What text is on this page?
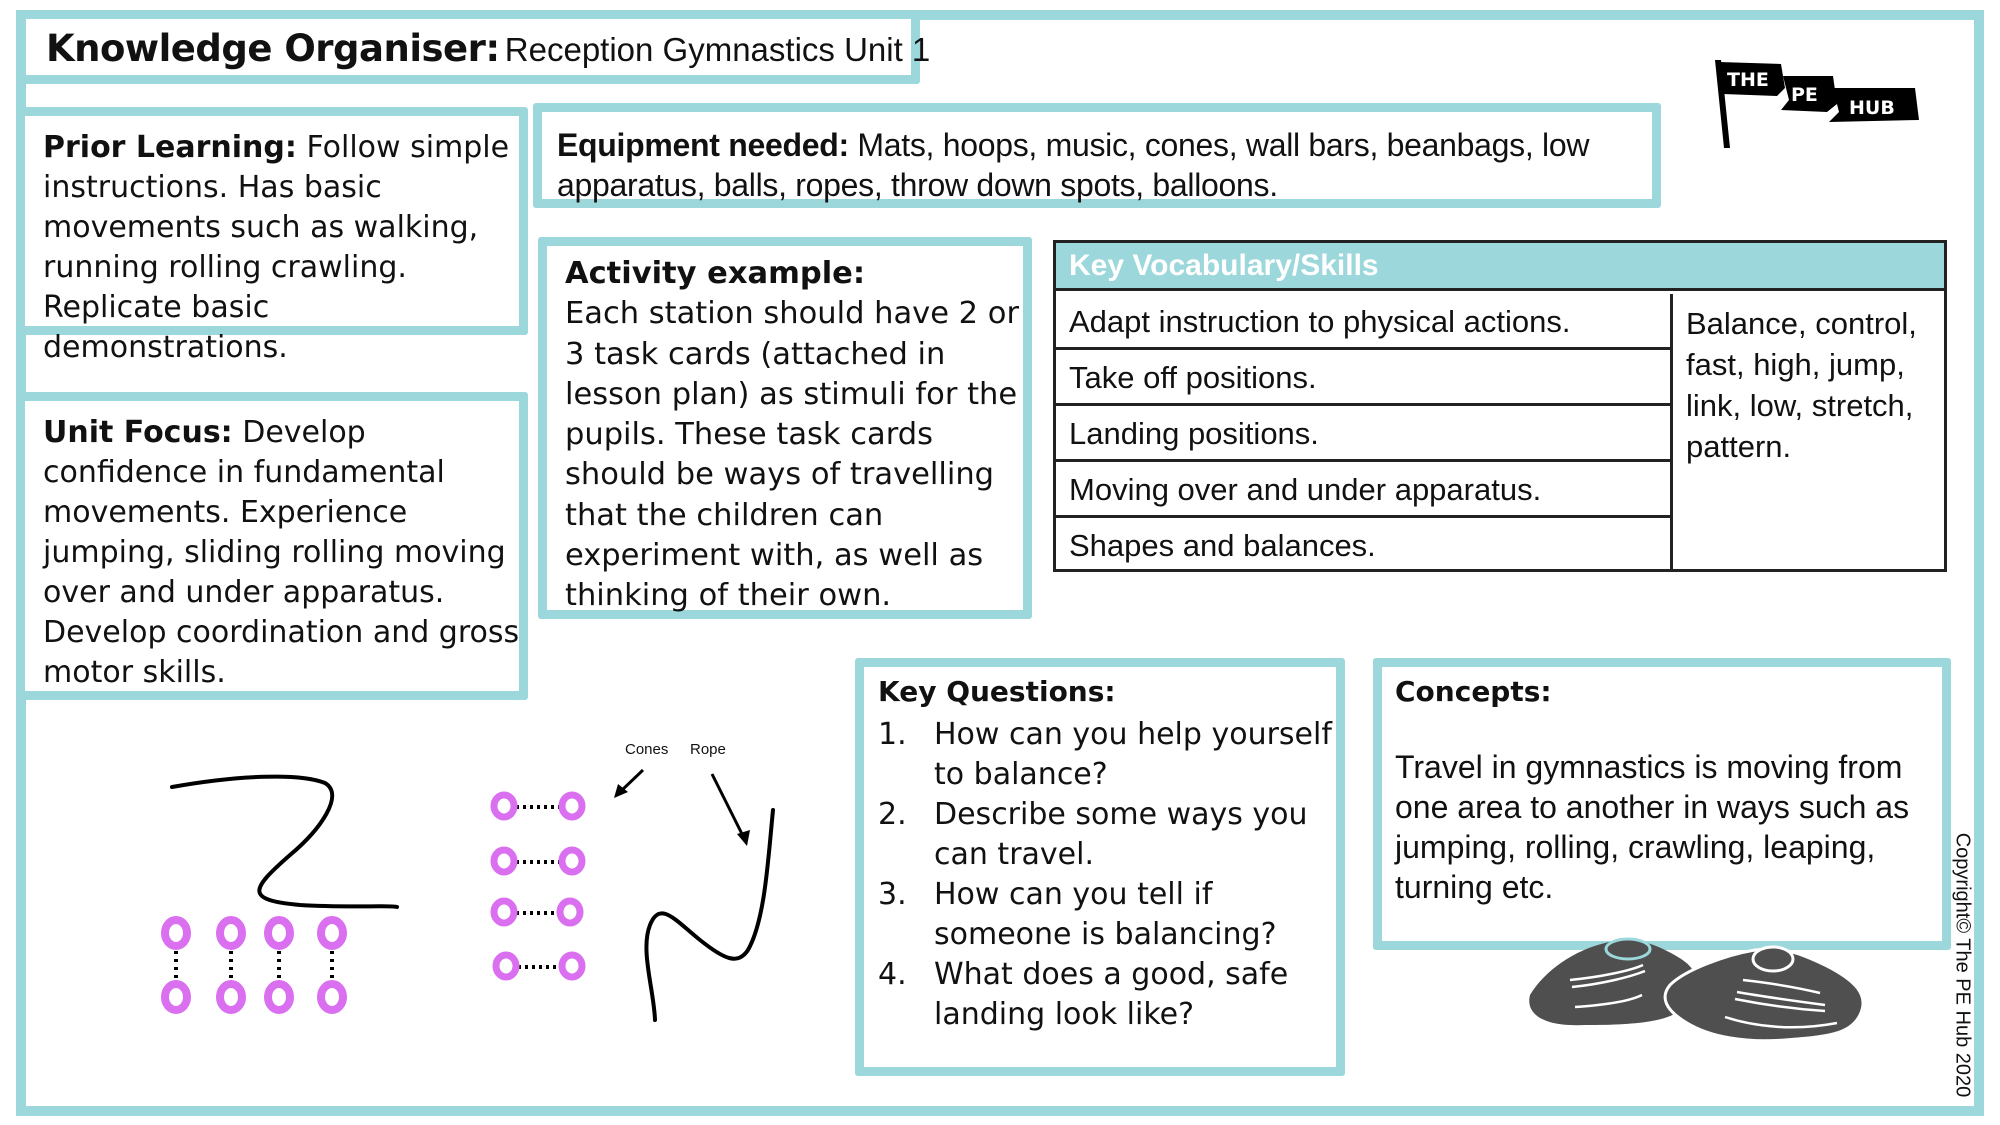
Knowledge Organiser: Reception Gymnastics Unit 1
THE
PE
HUB
Prior Learning: Follow simple instructions. Has basic movements such as walking, running rolling crawling. Replicate basic demonstrations.
Unit Focus: Develop confidence in fundamental movements. Experience jumping, sliding rolling moving over and under apparatus. Develop coordination and gross motor skills.
Equipment needed: Mats, hoops, music, cones, wall bars, beanbags, low apparatus, balls, ropes, throw down spots, balloons.
Activity example:
Each station should have 2 or 3 task cards (attached in lesson plan) as stimuli for the pupils. These task cards should be ways of travelling that the children can experiment with, as well as thinking of their own.
Key Vocabulary/Skills
Adapt instruction to physical actions.
Take off positions.
Landing positions.
Moving over and under apparatus.
Shapes and balances.
Balance, control, fast, high, jump, link, low, stretch, pattern.
Key Questions:
1. How can you help yourself to balance?
2. Describe some ways you can travel.
3. How can you tell if someone is balancing?
4. What does a good, safe landing look like?
Concepts:
Travel in gymnastics is moving from one area to another in ways such as jumping, rolling, crawling, leaping, turning etc.
Cones Rope
Copyright© The PE Hub 2020
